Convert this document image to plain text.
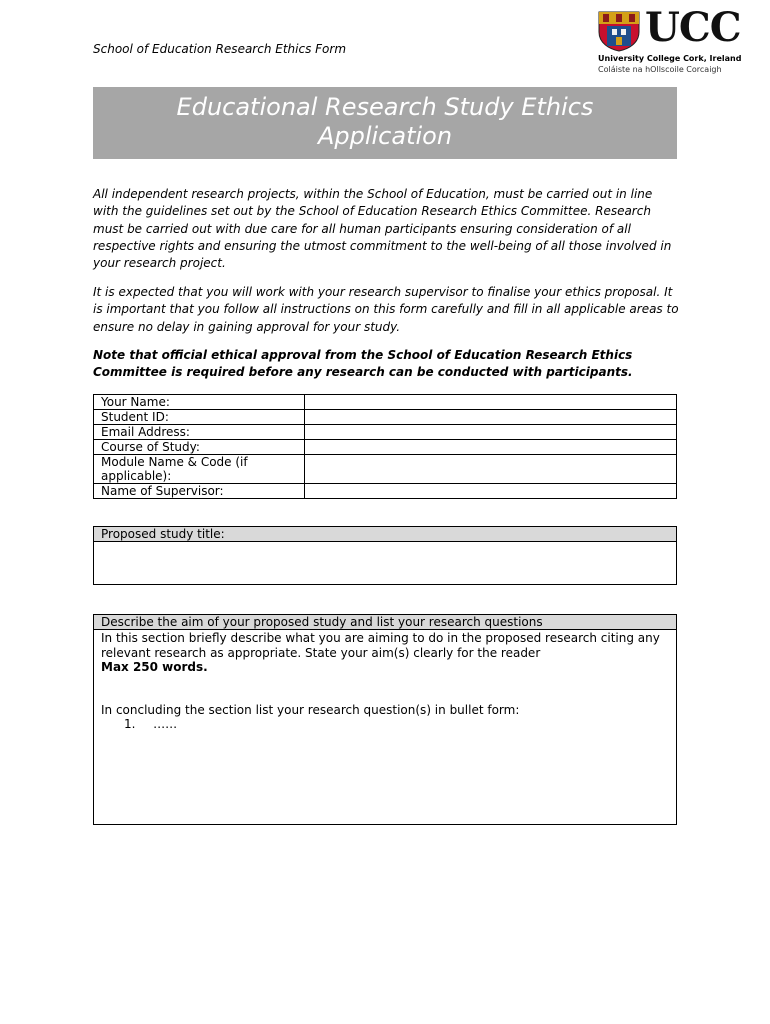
School of Education Research Ethics Form	UCC
University College Cork, Ireland
Coláiste na hOllscoile Corcaigh
Educational Research Study Ethics
Application
All independent research projects, within the School of Education, must be carried out in line with the guidelines set out by the School of Education Research Ethics Committee. Research must be carried out with due care for all human participants ensuring consideration of all respective rights and ensuring the utmost commitment to the well-being of all those involved in your research project.
It is expected that you will work with your research supervisor to finalise your ethics proposal. It is important that you follow all instructions on this form carefully and fill in all applicable areas to ensure no delay in gaining approval for your study.
Note that official ethical approval from the School of Education Research Ethics Committee is required before any research can be conducted with participants.
Your Name:	
Student ID:	
Email Address:	
Course of Study:	
Module Name & Code (if applicable):	
Name of Supervisor:	
Proposed study title:
Describe the aim of your proposed study and list your research questions
In this section briefly describe what you are aiming to do in the proposed research citing any relevant research as appropriate. State your aim(s) clearly for the reader
Max 250 words.
In concluding the section list your research question(s) in bullet form:
1. ……
